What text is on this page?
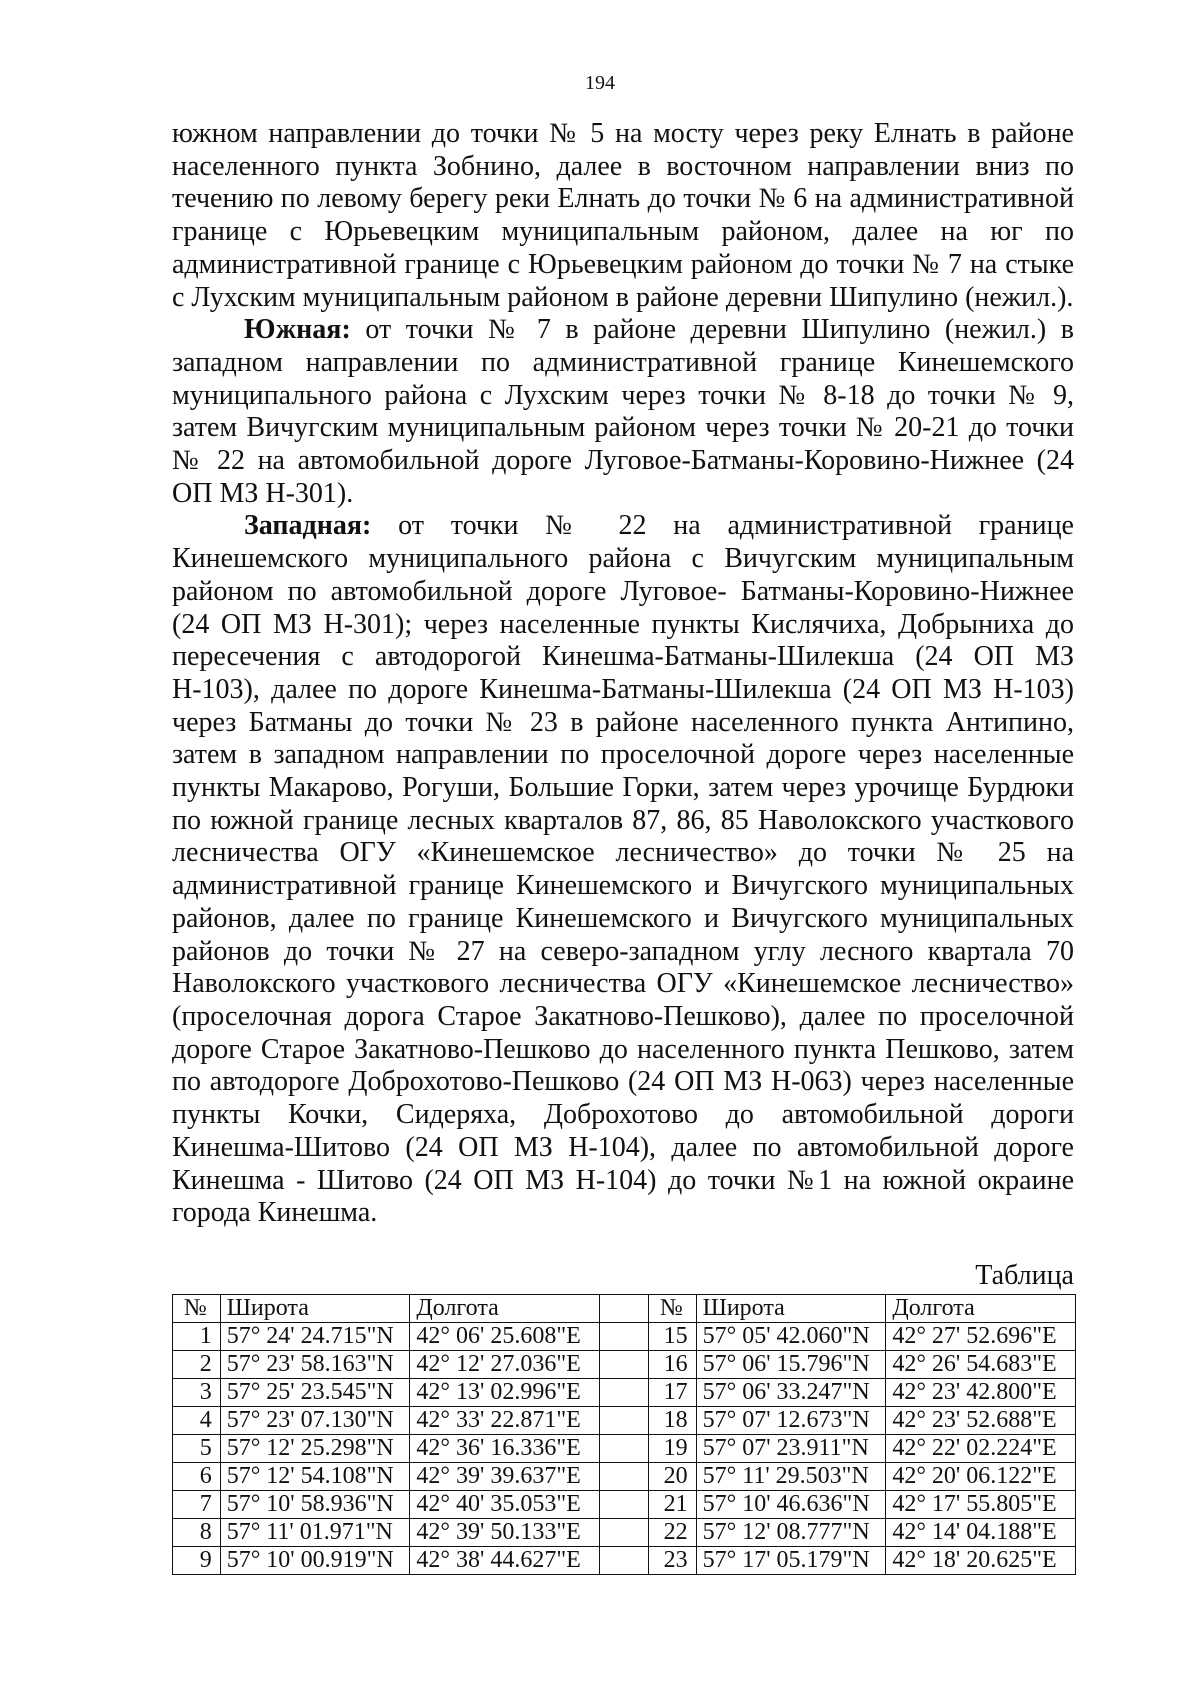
194

южном направлении до точки № 5 на мосту через реку Елнать в районе населенного пункта Зобнино, далее в восточном направлении вниз по течению по левому берегу реки Елнать до точки № 6 на административной границе с Юрьевецким муниципальным районом, далее на юг по административной границе с Юрьевецким районом до точки № 7 на стыке с Лухским муниципальным районом в районе деревни Шипулино (нежил.).

Южная: от точки № 7 в районе деревни Шипулино (нежил.) в западном направлении по административной границе Кинешемского муниципального района с Лухским через точки № 8-18 до точки № 9, затем Вичугским муниципальным районом через точки № 20-21 до точки № 22 на автомобильной дороге Луговое-Батманы-Коровино-Нижнее (24 ОП МЗ Н-301).

Западная: от точки № 22 на административной границе Кинешемского муниципального района с Вичугским муниципальным районом по автомобильной дороге Луговое- Батманы-Коровино-Нижнее (24 ОП МЗ Н-301); через населенные пункты Кислячиха, Добрыниха до пересечения с автодорогой Кинешма-Батманы-Шилекша (24 ОП МЗ Н-103), далее по дороге Кинешма-Батманы-Шилекша (24 ОП МЗ Н-103) через Батманы до точки № 23 в районе населенного пункта Антипино, затем в западном направлении по проселочной дороге через населенные пункты Макарово, Рогуши, Большие Горки, затем через урочище Бурдюки по южной границе лесных кварталов 87, 86, 85 Наволокского участкового лесничества ОГУ «Кинешемское лесничество» до точки № 25 на административной границе Кинешемского и Вичугского муниципальных районов, далее по границе Кинешемского и Вичугского муниципальных районов до точки № 27 на северо-западном углу лесного квартала 70 Наволокского участкового лесничества ОГУ «Кинешемское лесничество» (проселочная дорога Старое Закатново-Пешково), далее по проселочной дороге Старое Закатново-Пешково до населенного пункта Пешково, затем по автодороге Доброхотово-Пешково (24 ОП МЗ Н-063) через населенные пункты Кочки, Сидеряха, Доброхотово до автомобильной дороги Кинешма-Шитово (24 ОП МЗ Н-104), далее по автомобильной дороге Кинешма - Шитово (24 ОП МЗ Н-104) до точки №1 на южной окраине города Кинешма.

Таблица
№	Широта	Долгота		№	Широта	Долгота
1	57° 24' 24.715"N	42° 06' 25.608"E		15	57° 05' 42.060"N	42° 27' 52.696"E
2	57° 23' 58.163"N	42° 12' 27.036"E		16	57° 06' 15.796"N	42° 26' 54.683"E
3	57° 25' 23.545"N	42° 13' 02.996"E		17	57° 06' 33.247"N	42° 23' 42.800"E
4	57° 23' 07.130"N	42° 33' 22.871"E		18	57° 07' 12.673"N	42° 23' 52.688"E
5	57° 12' 25.298"N	42° 36' 16.336"E		19	57° 07' 23.911"N	42° 22' 02.224"E
6	57° 12' 54.108"N	42° 39' 39.637"E		20	57° 11' 29.503"N	42° 20' 06.122"E
7	57° 10' 58.936"N	42° 40' 35.053"E		21	57° 10' 46.636"N	42° 17' 55.805"E
8	57° 11' 01.971"N	42° 39' 50.133"E		22	57° 12' 08.777"N	42° 14' 04.188"E
9	57° 10' 00.919"N	42° 38' 44.627"E		23	57° 17' 05.179"N	42° 18' 20.625"E
